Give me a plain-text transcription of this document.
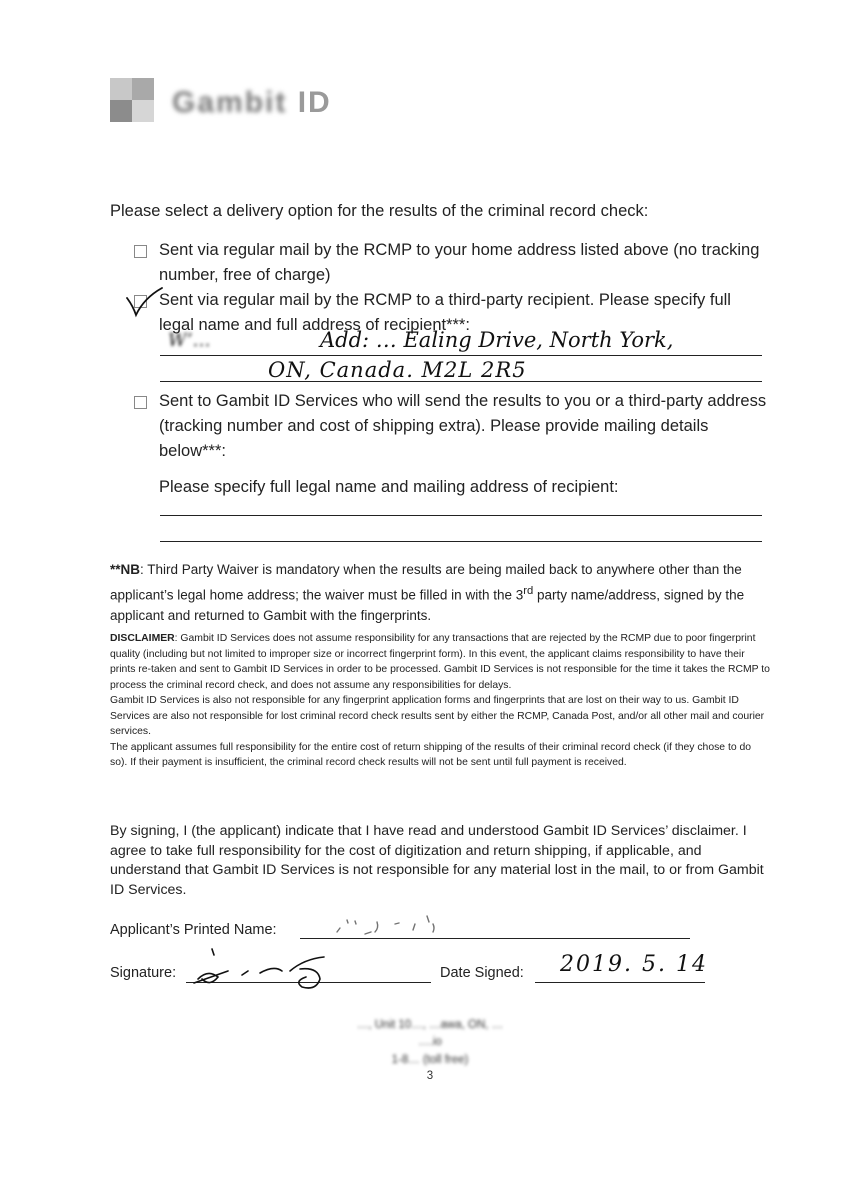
Gambit ID
Please select a delivery option for the results of the criminal record check:
Sent via regular mail by the RCMP to your home address listed above (no tracking number, free of charge)
Sent via regular mail by the RCMP to a third-party recipient. Please specify full legal name and full address of recipient***:
W’…	Add: … Ealing Drive, North York,
ON, Canada. M2L 2R5
Sent to Gambit ID Services who will send the results to you or a third-party address (tracking number and cost of shipping extra). Please provide mailing details below***:
Please specify full legal name and mailing address of recipient:
**NB: Third Party Waiver is mandatory when the results are being mailed back to anywhere other than the applicant’s legal home address; the waiver must be filled in with the 3rd party name/address, signed by the applicant and returned to Gambit with the fingerprints.

DISCLAIMER: Gambit ID Services does not assume responsibility for any transactions that are rejected by the RCMP due to poor fingerprint quality (including but not limited to improper size or incorrect fingerprint form). In this event, the applicant claims responsibility to have their prints re-taken and sent to Gambit ID Services in order to be processed. Gambit ID Services is not responsible for the time it takes the RCMP to process the criminal record check, and does not assume any responsibilities for delays.

Gambit ID Services is also not responsible for any fingerprint application forms and fingerprints that are lost on their way to us. Gambit ID Services are also not responsible for lost criminal record check results sent by either the RCMP, Canada Post, and/or all other mail and courier services.

The applicant assumes full responsibility for the entire cost of return shipping of the results of their criminal record check (if they chose to do so). If their payment is insufficient, the criminal record check results will not be sent until full payment is received.

By signing, I (the applicant) indicate that I have read and understood Gambit ID Services’ disclaimer. I agree to take full responsibility for the cost of digitization and return shipping, if applicable, and understand that Gambit ID Services is not responsible for any material lost in the mail, to or from Gambit ID Services.
Applicant’s Printed Name:
Signature:	Date Signed: 2019. 5. 14
…, Unit 10…, …awa, ON, …
….io
1-8… (toll free)
3
